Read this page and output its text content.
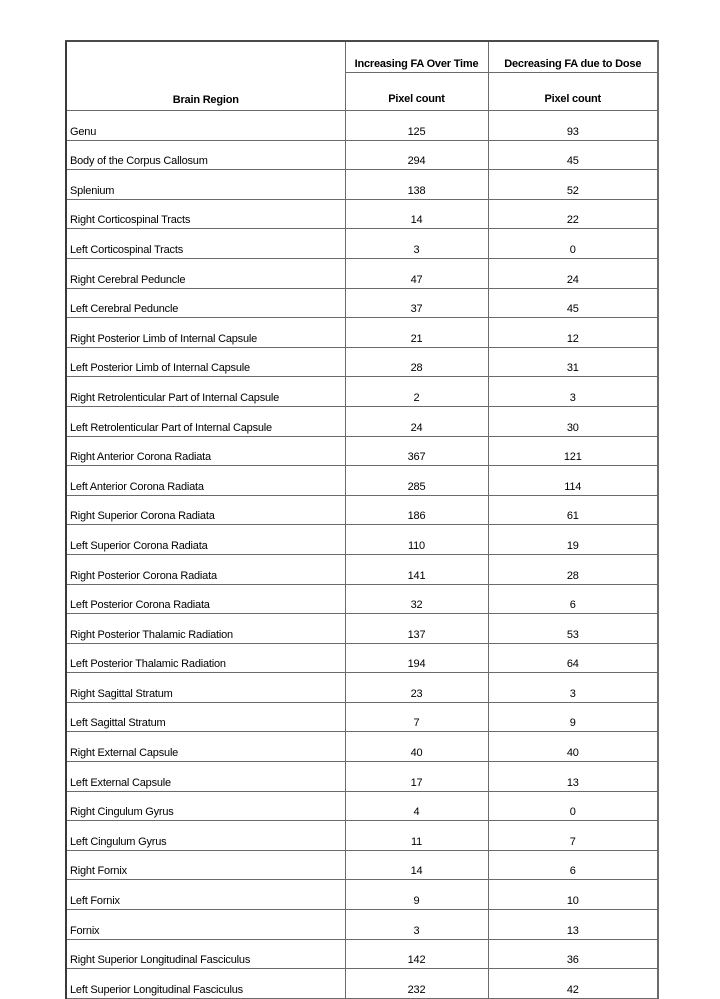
Brain Region	Increasing FA Over Time	Decreasing FA due to Dose
	Pixel count	Pixel count
Genu	125	93
Body of the Corpus Callosum	294	45
Splenium	138	52
Right Corticospinal Tracts	14	22
Left Corticospinal Tracts	3	0
Right Cerebral Peduncle	47	24
Left Cerebral Peduncle	37	45
Right Posterior Limb of Internal Capsule	21	12
Left Posterior Limb of Internal Capsule	28	31
Right Retrolenticular Part of Internal Capsule	2	3
Left Retrolenticular Part of Internal Capsule	24	30
Right Anterior Corona Radiata	367	121
Left Anterior Corona Radiata	285	114
Right Superior Corona Radiata	186	61
Left Superior Corona Radiata	110	19
Right Posterior Corona Radiata	141	28
Left Posterior Corona Radiata	32	6
Right Posterior Thalamic Radiation	137	53
Left Posterior Thalamic Radiation	194	64
Right Sagittal Stratum	23	3
Left Sagittal Stratum	7	9
Right External Capsule	40	40
Left External Capsule	17	13
Right Cingulum Gyrus	4	0
Left Cingulum Gyrus	11	7
Right Fornix	14	6
Left Fornix	9	10
Fornix	3	13
Right Superior Longitudinal Fasciculus	142	36
Left Superior Longitudinal Fasciculus	232	42
